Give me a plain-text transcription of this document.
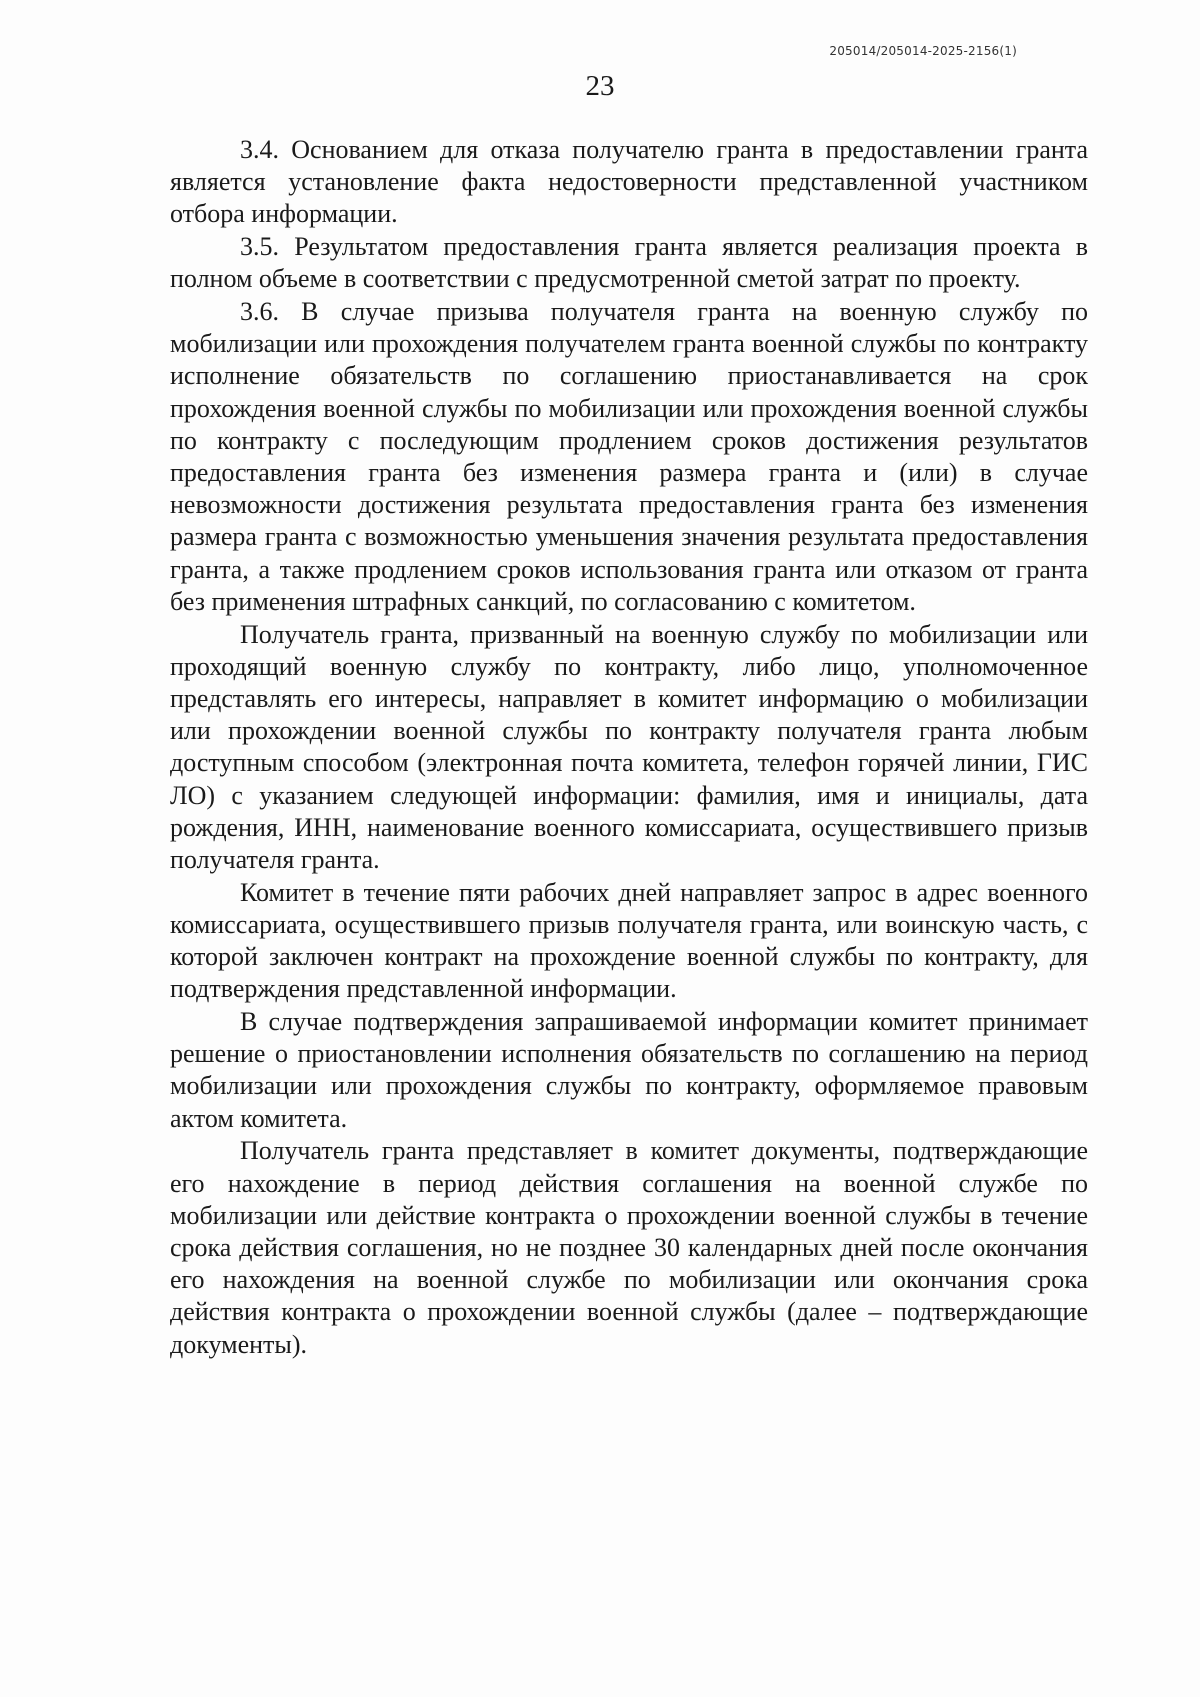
205014/205014-2025-2156(1)
23

3.4. Основанием для отказа получателю гранта в предоставлении гранта является установление факта недостоверности представленной участником отбора информации.

3.5. Результатом предоставления гранта является реализация проекта в полном объеме в соответствии с предусмотренной сметой затрат по проекту.

3.6. В случае призыва получателя гранта на военную службу по мобилизации или прохождения получателем гранта военной службы по контракту исполнение обязательств по соглашению приостанавливается на срок прохождения военной службы по мобилизации или прохождения военной службы по контракту с последующим продлением сроков достижения результатов предоставления гранта без изменения размера гранта и (или) в случае невозможности достижения результата предоставления гранта без изменения размера гранта с возможностью уменьшения значения результата предоставления гранта, а также продлением сроков использования гранта или отказом от гранта без применения штрафных санкций, по согласованию с комитетом.

Получатель гранта, призванный на военную службу по мобилизации или проходящий военную службу по контракту, либо лицо, уполномоченное представлять его интересы, направляет в комитет информацию о мобилизации или прохождении военной службы по контракту получателя гранта любым доступным способом (электронная почта комитета, телефон горячей линии, ГИС ЛО) с указанием следующей информации: фамилия, имя и инициалы, дата рождения, ИНН, наименование военного комиссариата, осуществившего призыв получателя гранта.

Комитет в течение пяти рабочих дней направляет запрос в адрес военного комиссариата, осуществившего призыв получателя гранта, или воинскую часть, с которой заключен контракт на прохождение военной службы по контракту, для подтверждения представленной информации.

В случае подтверждения запрашиваемой информации комитет принимает решение о приостановлении исполнения обязательств по соглашению на период мобилизации или прохождения службы по контракту, оформляемое правовым актом комитета.

Получатель гранта представляет в комитет документы, подтверждающие его нахождение в период действия соглашения на военной службе по мобилизации или действие контракта о прохождении военной службы в течение срока действия соглашения, но не позднее 30 календарных дней после окончания его нахождения на военной службе по мобилизации или окончания срока действия контракта о прохождении военной службы (далее – подтверждающие документы).
